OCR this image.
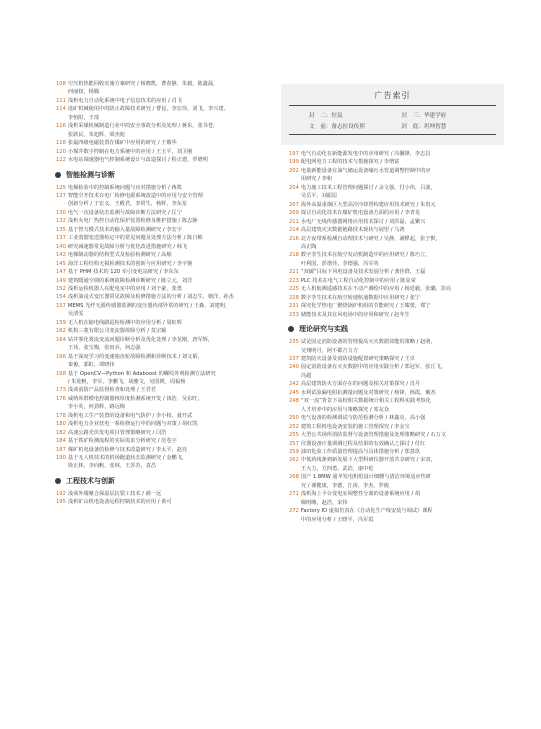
108 空压机热能回收实施方案研究 / 杨晓凯，曹春静，朱毅，陈鑫磊，
何丽权，杨腾
111 浅析电力自动化系统中电子信息技术的应用 / 肖飞
114 选矿机械使用中的防止故障技术研究 / 曹昆，李宏伟，刘飞，李兴建，
李怡阳，王琦
116 浅析采煤机械制造行业中的安全事故分析及处理 / 蒋东，张书苍，
张跃民，朱旭辉，梁杰彪
118 张最四级电磁装置在煤矿中应用的研究 / 王敬华
120 小煤井数字控制在电力系统中的应用 / 王玉平，刘卫刚
122 水电站调速器电气控制系统设计与改造探讨 / 程正建，罗增明
智能检测与诊断
125 电梯检验中的控制系统问题与应对措施分析 / 蒋凯
127 智能空开技术在电厂检修电源系统改造中的应用与安全管理
创新分析 / 于宏义，王殿君，李常生，杨辉，李东星
130 电气一次设备状态监测与故障诊断方法研究 / 匡宁
132 浅析火电厂热控自动化保护装置检修及维护措施 / 陈志静
135 基于智力模式技术的输入量故障检测研究 / 李宏宇
137 工业蒸馏变送器检定中的常见问题及处理方法分析 / 陈日彬
140 研究减速器常见故障分析与优化改进措施研究 / 韩飞
142 电梯制动器的结构型式及检验检测研究 / 高舶
145 海洋工程结构无损检测技术的创新与应用研究 / 李宇驰
147 基于 PHM 技术的 120 牵引变电站研究 / 李东东
149 建筑暖通空调的系统故障检测诊断研究 / 陈立元，刘洋
152 浅析运检机器人在配电室中的应用 / 刘子豪，张勇
154 浅析油浸式变压器常见故障及检修措施方法的分析 / 刘志生，朝洋，孙杰
157 MEMS 光纤无源传感器监测的变压器内部异常的研究 / 王森，刘建明，
吴清雯
159 无人机在输电线路巡检检测中的应用分析 / 周虹辉
162 机构三菱有限公司变流器故障分析 / 莫宗颖
164 钻井雾化雾流变流问题诊断分析及优化处理 / 李龙刚，唐军辉，
王伟，张宝梅，张田兵，何志强
166 基于深度学习的变速箱齿轮故障检测和诊断技术 / 刘文韬，
秦俊，郭虹，谭晓伟
168 基于 OpenCV—Python 和 Adaboost 的螺纹外观检测方法研究
/ 朱迎帆，李军，李鹏飞，胡雅文，吴国媛，周福杨
173 浅谈消防产品监督检查和处理 / 王君君
176 威纳库群模电控制器核厚度检测系统开发 / 钱浩，吴东旺，
李小英，何劲辉，路远梅
178 浅析电工生产装置的设备和电气防护 / 李小权，聂开武
180 浅析电力企业营电一系检修运行中的问题与对策 / 胡红凯
182 高速公路光伏发电项目管理策略研究 / 闫浩
184 基于铁矿检测流程的实际需求分析研究 / 范卷宇
187 煤矿机电设备的检修与技术改造研究 / 李太平，赵亮
190 基于无人机技术的机场跑道状态监测研究 / 金鹏飞，
徐正林，李向帆，张林，王苏苏，袁昌
工程技术与创新
192 浅谈外墙聚合保温层抗裂工技术 / 郝一远
195 浅析矿山机电设备远程控制技术的应用 / 黄可
广告索引
封　二：恒益	封　三：华建学府
文　前：备志拉设传照	封　底：坦坤智慧
197 电气自动化在新能源发电中的应用研究 / 冯馨锋，李志昌
199 配电网电力工程的技术与措施探究 / 李增富
202 电量新能设备在油气储运设备缘污水管道调整控制中的应
用研究 / 李和
204 电力施工技术工程管理问题探讨 / 余文强，付小伟，吕波，
吴岳平，刘振原
207 海外高温重烟区大型高冷冷却塔构建应用技术研究 / 朱贵元
209 探讨自动化技术在煤矿机电设备方面的应用 / 李青龙
211 水电厂无线传感器网络应用技术探讨 / 刘洪磊，孟繁兴
214 高层建筑火灾数据链路技术现状与展望 / 马鸿
216 北方夜带系检测自动理技术与研究 / 吴静，满桦起，张子默，
高正陶
218 数字孪生技术在航空发动机制造中的应用研究 / 陈巧立，
叶利国，彭谐佳，李德强，冯军英
221 “双碳”目标下风电设备及技术发展分析 / 龚佳群，王磊
223 PLC 技术在电气工程自动化控制中的应用 / 陈显荣
225 无人机航测遥感技术在不动产测绘中的应用 / 杨廷毅，张璐，彭亮
228 数字孪生技术在航空转速航通数据中应用研究 / 张宁
231 探究化学热电厂燃烧锅炉机组的节能研究 / 王耀蕾，郑宁
233 储能技术及其在风电场中的应用和研究 / 赵冬生
理论研究与实践
235 试论固定消防设备的管理提高灭火数据效能的策略 / 赵萌，
吴翔明月，阿不都吉力力
237 建筑防火设备及消防设施配置研究策略探究 / 王卓
240 固定消防设备在灭火数据中的应用实践分析 / 郑冠军，张丘飞，
冯超
242 高层建筑防火方面存在的问题及相关对策探究 / 肖丹
245 水利试验漏电阻抗测量问题及对策研究 / 杨锋，杨霞，戴杰
248 “双一流”背景下高校相关数据统计相关工程科实践考察化
人才培养中的应用与策略探究 / 邓友众
250 电气设备的检测调试与防范检测分析 / 林鑫亮，高小强
252 建筑工程机电设备安装的施工管理探究 / 李金宝
255 大型公共场所消防监督与设备管理措施及处理策略研究 / 石万文
257 仪器设备计量调测过程及结果的有效确认之探讨 / 付红
259 油田化验工作质量管理提高与具体措施分析 / 郑荔玖
262 中低药线条到新发展下大型科研仪器开放共享研究 / 宋双，
王大力，方四勇，武诰，康中伦
268 国产 1.8MW 通苹发电机组设计细腰与清洁环境适应性研
究 / 谢健康，李德，江涛，李杰，罗俊
271 浅析海上平台变电室调整性分离的设备系统应用 / 胡
佩明嗨，赵浩，宋伟
272 Factory IO 虚拟仿真在《自动化生产线安装与调试》课程
中的应用分析 / 王晓平，冯军霞
